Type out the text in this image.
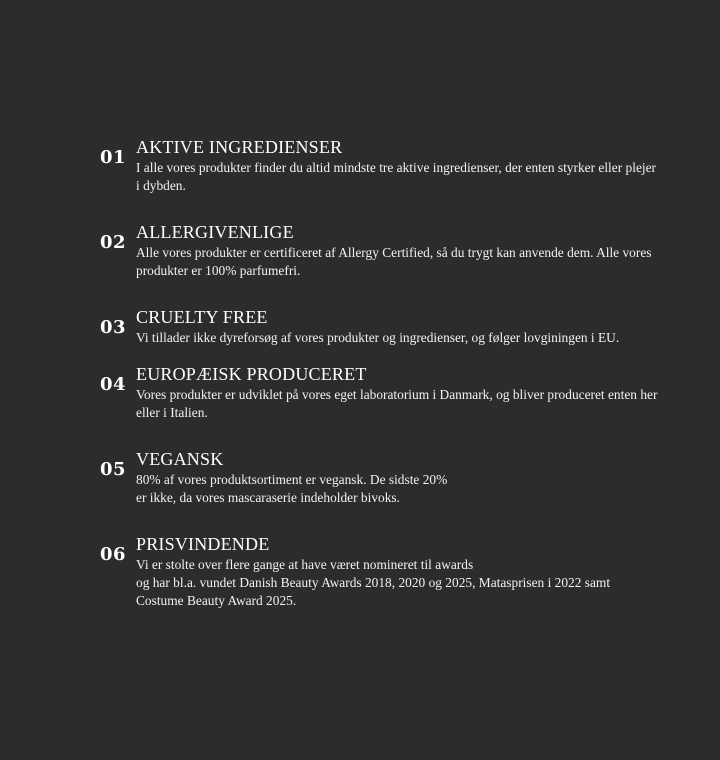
01 AKTIVE INGREDIENSER

I alle vores produkter finder du altid mindste tre aktive ingredienser, der enten styrker eller plejer i dybden.

02 ALLERGIVENLIGE

Alle vores produkter er certificeret af Allergy Certified, så du trygt kan anvende dem. Alle vores produkter er 100% parfumefri.

03 CRUELTY FREE

Vi tillader ikke dyreforsøg af vores produkter og ingredienser, og følger lovginingen i EU.

04 EUROPÆISK PRODUCERET

Vores produkter er udviklet på vores eget laboratorium i Danmark, og bliver produceret enten her eller i Italien.

05 VEGANSK

80% af vores produktsortiment er vegansk. De sidste 20%
er ikke, da vores mascaraserie indeholder bivoks.

06 PRISVINDENDE

Vi er stolte over flere gange at have været nomineret til awards
og har bl.a. vundet Danish Beauty Awards 2018, 2020 og 2025, Matasprisen i 2022 samt Costume Beauty Award 2025.
